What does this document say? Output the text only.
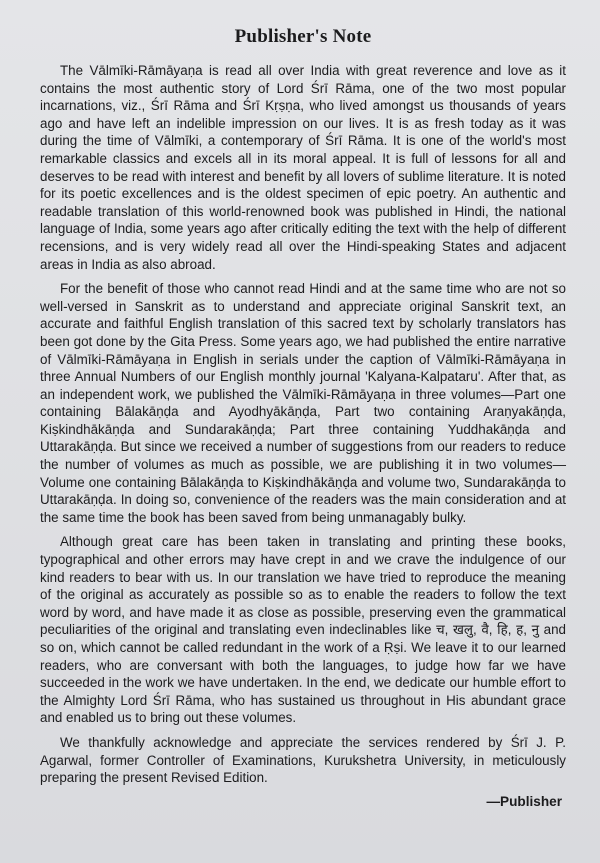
Publisher's Note

The Vālmīki-Rāmāyaṇa is read all over India with great reverence and love as it contains the most authentic story of Lord Śrī Rāma, one of the two most popular incarnations, viz., Śrī Rāma and Śrī Kṛṣṇa, who lived amongst us thousands of years ago and have left an indelible impression on our lives. It is as fresh today as it was during the time of Vālmīki, a contemporary of Śrī Rāma. It is one of the world's most remarkable classics and excels all in its moral appeal. It is full of lessons for all and deserves to be read with interest and benefit by all lovers of sublime literature. It is noted for its poetic excellences and is the oldest specimen of epic poetry. An authentic and readable translation of this world-renowned book was published in Hindi, the national language of India, some years ago after critically editing the text with the help of different recensions, and is very widely read all over the Hindi-speaking States and adjacent areas in India as also abroad.

For the benefit of those who cannot read Hindi and at the same time who are not so well-versed in Sanskrit as to understand and appreciate original Sanskrit text, an accurate and faithful English translation of this sacred text by scholarly translators has been got done by the Gita Press. Some years ago, we had published the entire narrative of Vālmīki-Rāmāyaṇa in English in serials under the caption of Vālmīki-Rāmāyaṇa in three Annual Numbers of our English monthly journal 'Kalyana-Kalpataru'. After that, as an independent work, we published the Vālmīki-Rāmāyaṇa in three volumes—Part one containing Bālakāṇḍa and Ayodhyākāṇḍa, Part two containing Araṇyakāṇḍa, Kiṣkindhākāṇḍa and Sundarakāṇḍa; Part three containing Yuddhakāṇḍa and Uttarakāṇḍa. But since we received a number of suggestions from our readers to reduce the number of volumes as much as possible, we are publishing it in two volumes—Volume one containing Bālakāṇḍa to Kiṣkindhākāṇḍa and volume two, Sundarakāṇḍa to Uttarakāṇḍa. In doing so, convenience of the readers was the main consideration and at the same time the book has been saved from being unmanagably bulky.

Although great care has been taken in translating and printing these books, typographical and other errors may have crept in and we crave the indulgence of our kind readers to bear with us. In our translation we have tried to reproduce the meaning of the original as accurately as possible so as to enable the readers to follow the text word by word, and have made it as close as possible, preserving even the grammatical peculiarities of the original and translating even indeclinables like च, खलु, वै, हि, ह, नु and so on, which cannot be called redundant in the work of a Ṛṣi. We leave it to our learned readers, who are conversant with both the languages, to judge how far we have succeeded in the work we have undertaken. In the end, we dedicate our humble effort to the Almighty Lord Śrī Rāma, who has sustained us throughout in His abundant grace and enabled us to bring out these volumes.

We thankfully acknowledge and appreciate the services rendered by Śrī J. P. Agarwal, former Controller of Examinations, Kurukshetra University, in meticulously preparing the present Revised Edition.

—Publisher
